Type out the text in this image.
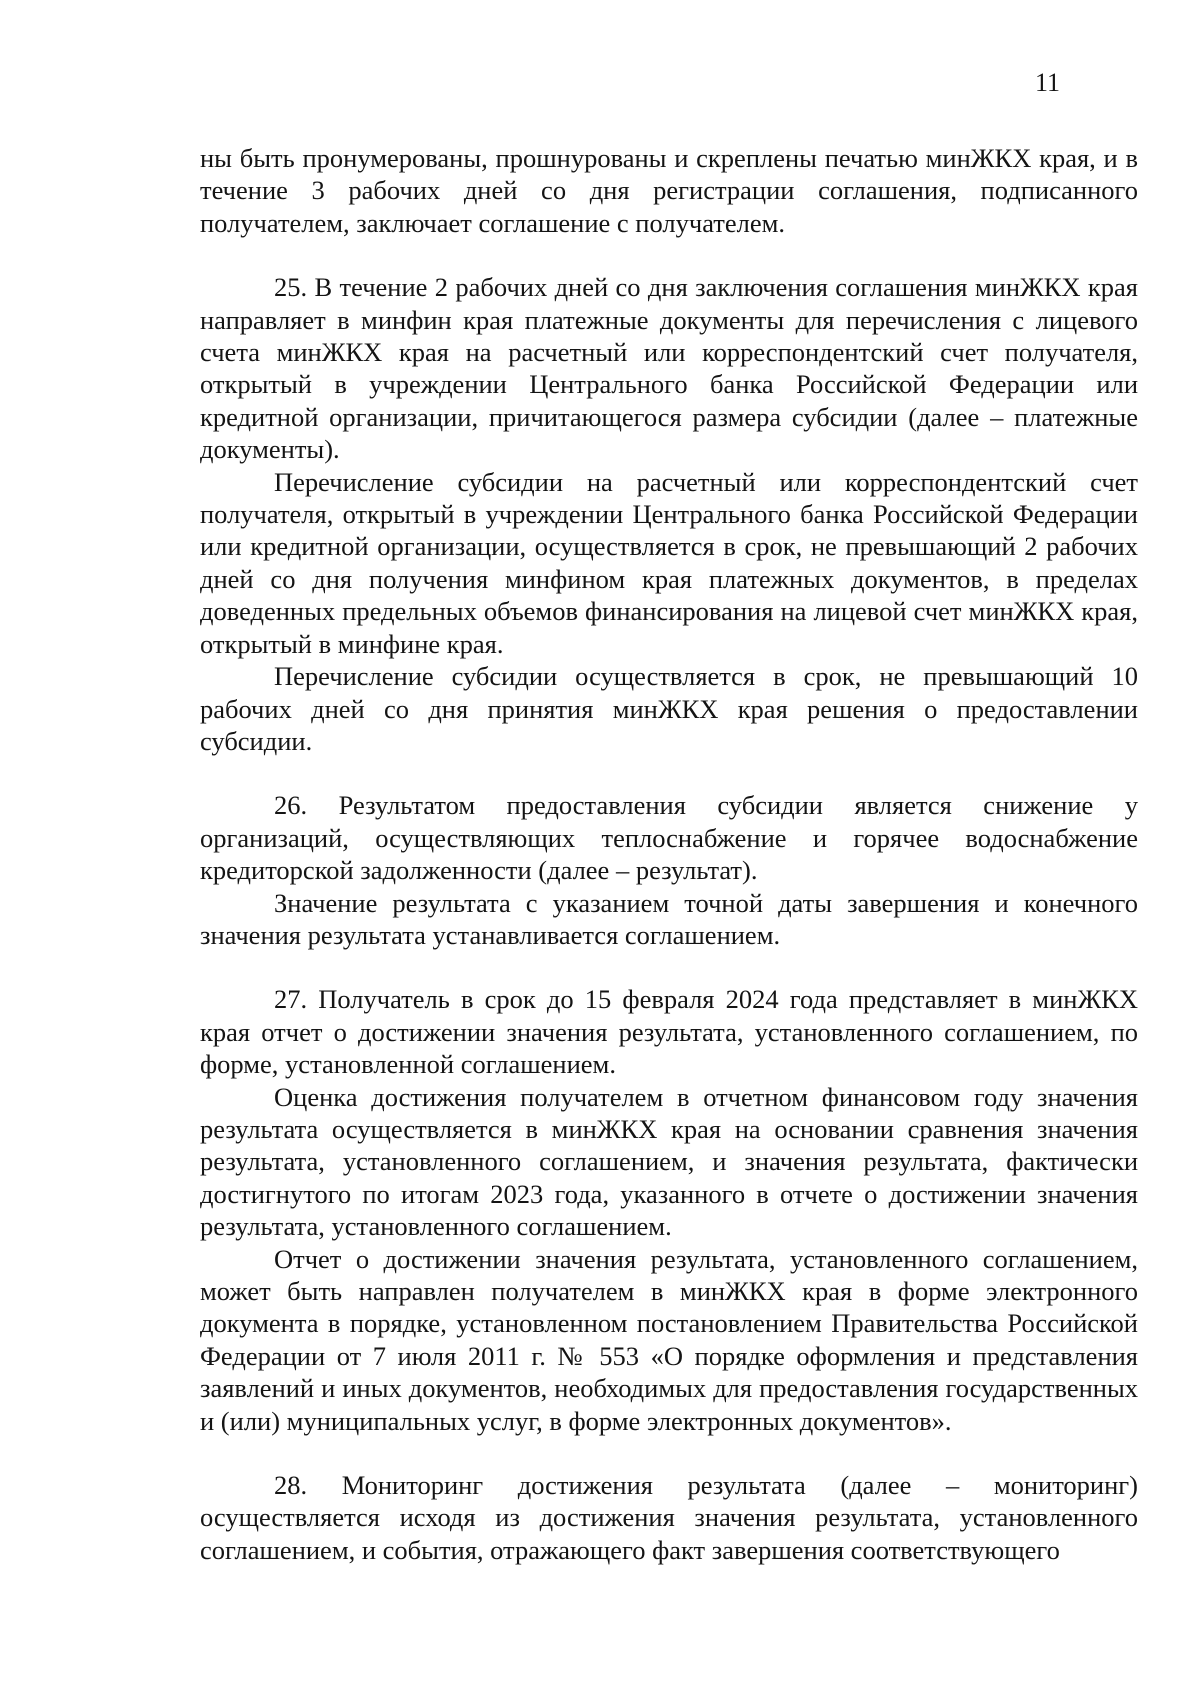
11

ны быть пронумерованы, прошнурованы и скреплены печатью минЖКХ края, и в течение 3 рабочих дней со дня регистрации соглашения, подписанного получателем, заключает соглашение с получателем.

25. В течение 2 рабочих дней со дня заключения соглашения минЖКХ края направляет в минфин края платежные документы для перечисления с лицевого счета минЖКХ края на расчетный или корреспондентский счет получателя, открытый в учреждении Центрального банка Российской Федерации или кредитной организации, причитающегося размера субсидии (далее – платежные документы).

Перечисление субсидии на расчетный или корреспондентский счет получателя, открытый в учреждении Центрального банка Российской Федерации или кредитной организации, осуществляется в срок, не превышающий 2 рабочих дней со дня получения минфином края платежных документов, в пределах доведенных предельных объемов финансирования на лицевой счет минЖКХ края, открытый в минфине края.

Перечисление субсидии осуществляется в срок, не превышающий 10 рабочих дней со дня принятия минЖКХ края решения о предоставлении субсидии.

26. Результатом предоставления субсидии является снижение у организаций, осуществляющих теплоснабжение и горячее водоснабжение кредиторской задолженности (далее – результат).

Значение результата с указанием точной даты завершения и конечного значения результата устанавливается соглашением.

27. Получатель в срок до 15 февраля 2024 года представляет в минЖКХ края отчет о достижении значения результата, установленного соглашением, по форме, установленной соглашением.

Оценка достижения получателем в отчетном финансовом году значения результата осуществляется в минЖКХ края на основании сравнения значения результата, установленного соглашением, и значения результата, фактически достигнутого по итогам 2023 года, указанного в отчете о достижении значения результата, установленного соглашением.

Отчет о достижении значения результата, установленного соглашением, может быть направлен получателем в минЖКХ края в форме электронного документа в порядке, установленном постановлением Правительства Российской Федерации от 7 июля 2011 г. № 553 «О порядке оформления и представления заявлений и иных документов, необходимых для предоставления государственных и (или) муниципальных услуг, в форме электронных документов».

28. Мониторинг достижения результата (далее – мониторинг) осуществляется исходя из достижения значения результата, установленного соглашением, и события, отражающего факт завершения соответствующего
